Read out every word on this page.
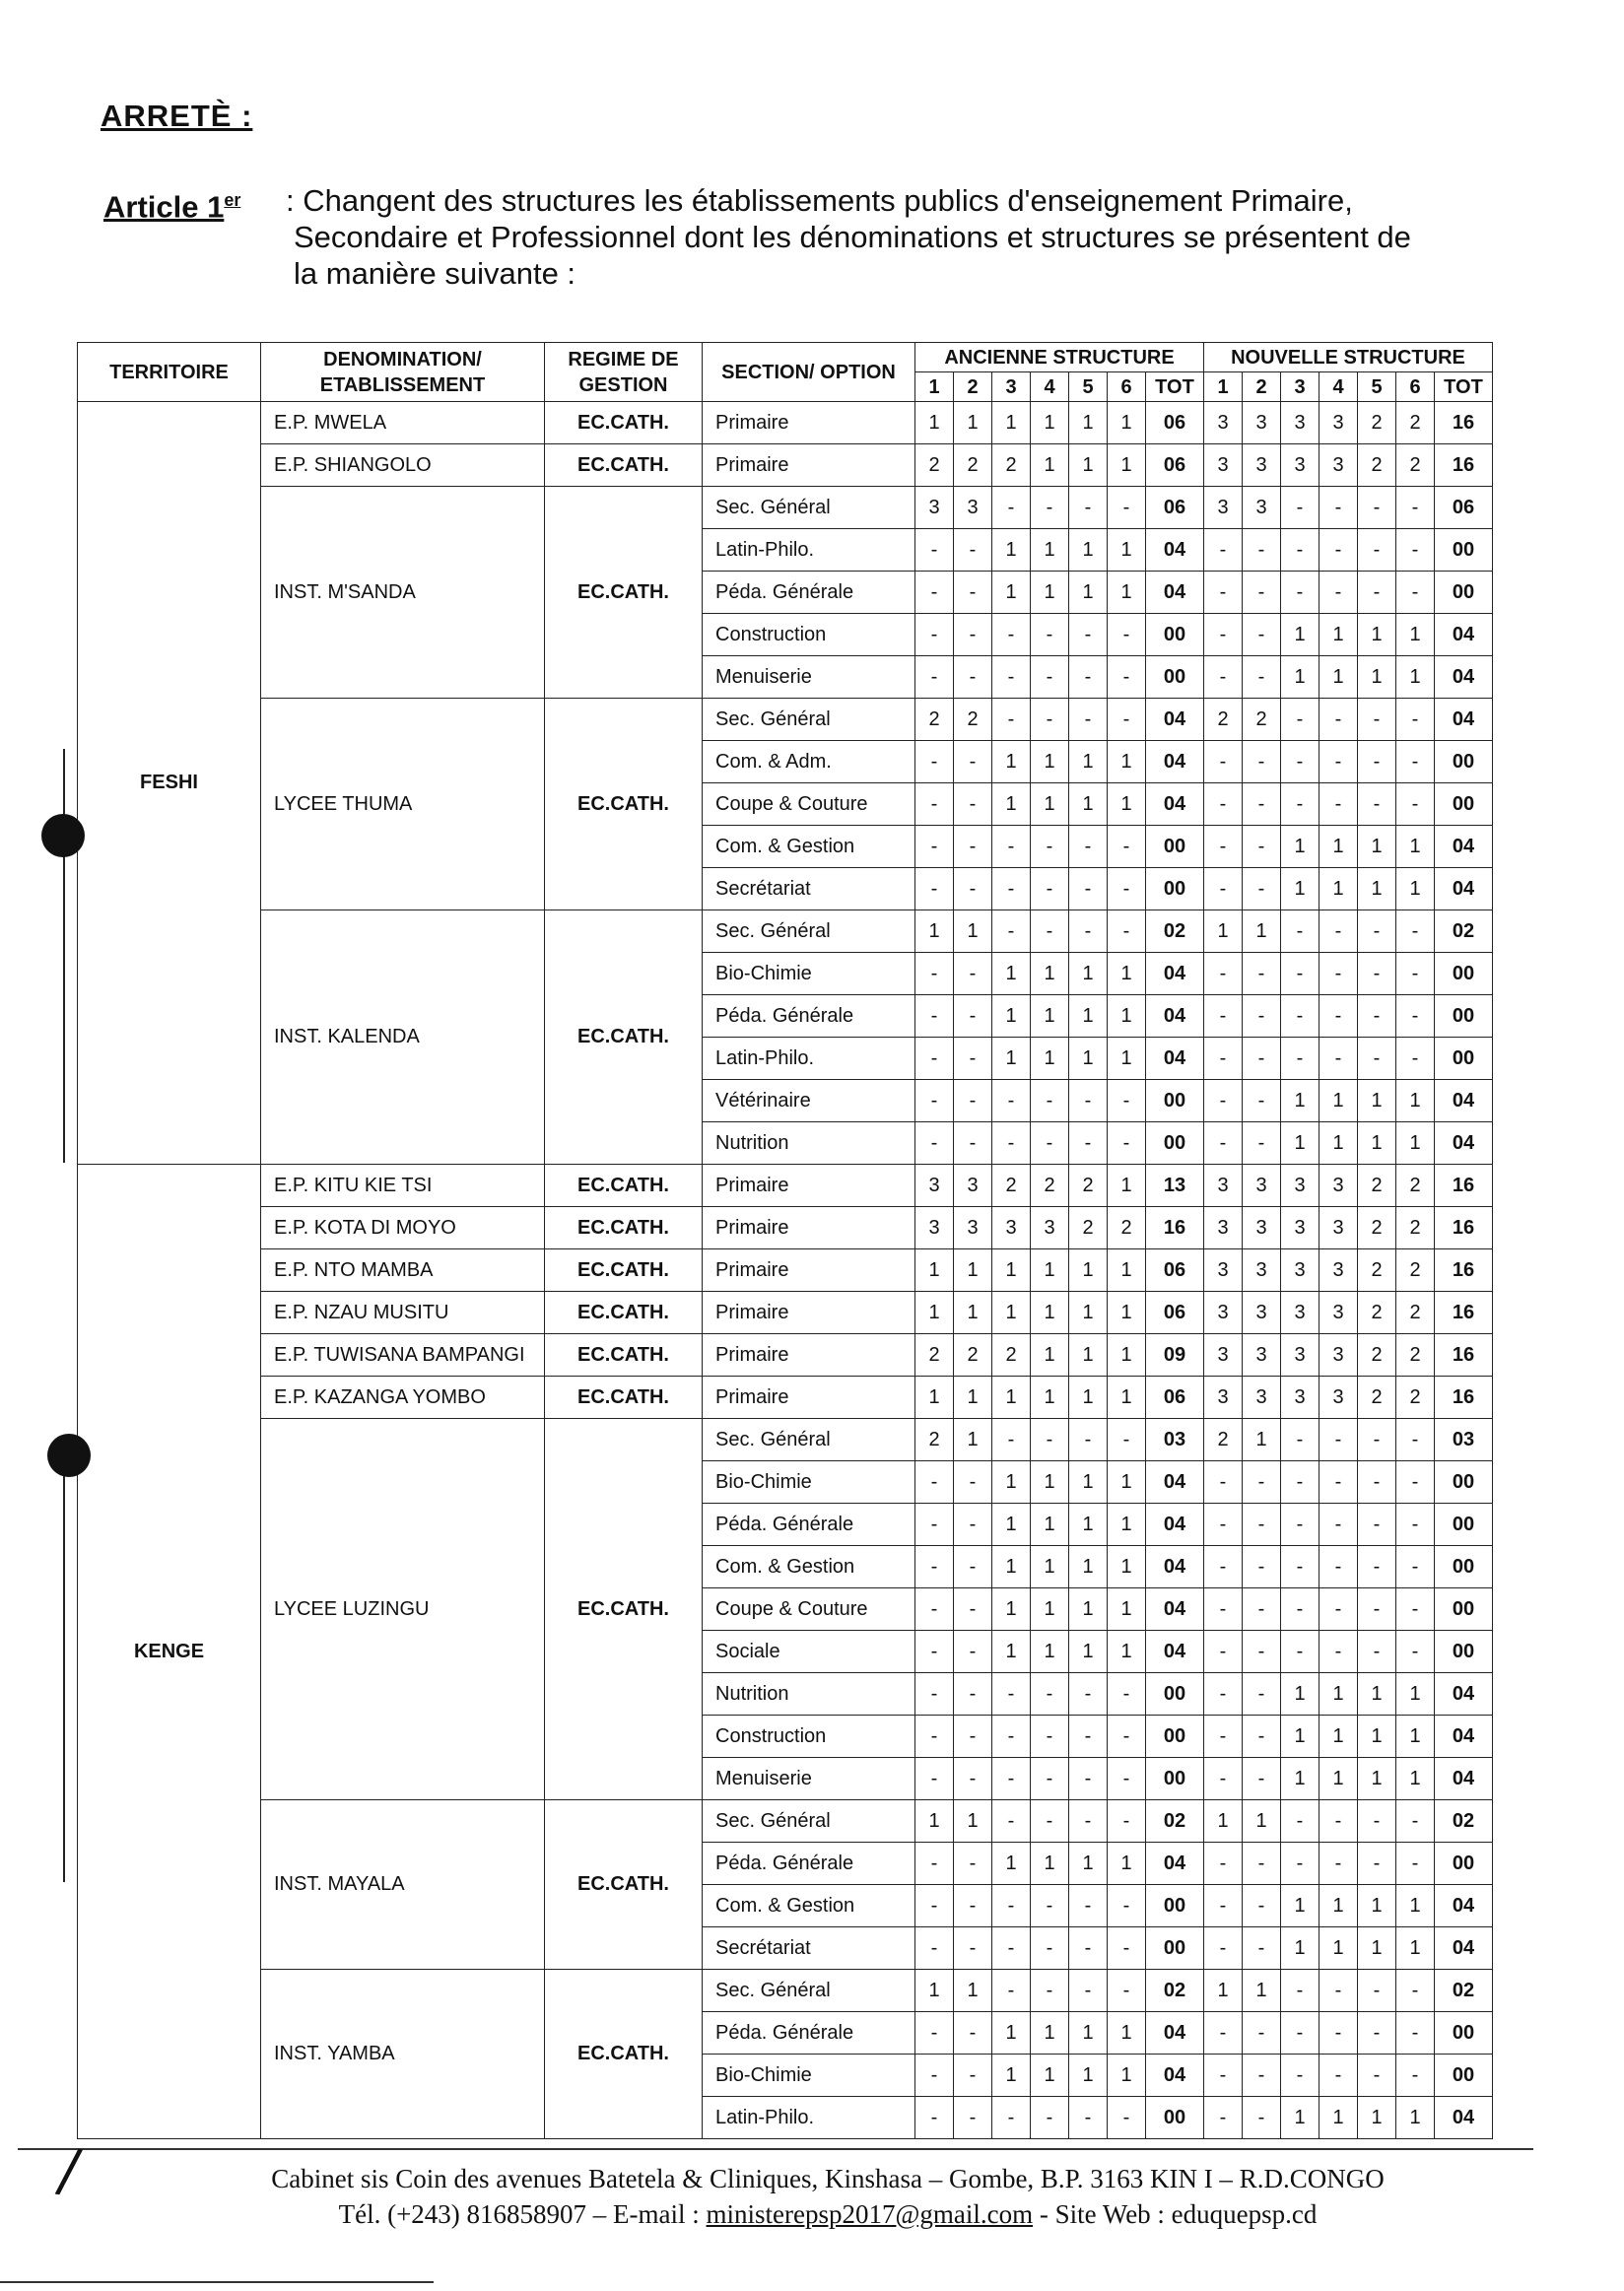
ARRETÈ :
Article 1er : Changent des structures les établissements publics d'enseignement Primaire,
Secondaire et Professionnel dont les dénominations et structures se présentent de
la manière suivante :
TERRITOIRE	DENOMINATION/ ETABLISSEMENT	REGIME DE GESTION	SECTION/ OPTION	ANCIENNE STRUCTURE							NOUVELLE STRUCTURE						
				1	2	3	4	5	6	TOT	1	2	3	4	5	6	TOT
FESHI	E.P. MWELA	EC.CATH.	Primaire	1	1	1	1	1	1	06	3	3	3	3	2	2	16
	E.P. SHIANGOLO	EC.CATH.	Primaire	2	2	2	1	1	1	06	3	3	3	3	2	2	16
	INST. M'SANDA	EC.CATH.	Sec. Général	3	3	-	-	-	-	06	3	3	-	-	-	-	06
			Latin-Philo.	-	-	1	1	1	1	04	-	-	-	-	-	-	00
			Péda. Générale	-	-	1	1	1	1	04	-	-	-	-	-	-	00
			Construction	-	-	-	-	-	-	00	-	-	1	1	1	1	04
			Menuiserie	-	-	-	-	-	-	00	-	-	1	1	1	1	04
	LYCEE THUMA	EC.CATH.	Sec. Général	2	2	-	-	-	-	04	2	2	-	-	-	-	04
			Com. & Adm.	-	-	1	1	1	1	04	-	-	-	-	-	-	00
			Coupe & Couture	-	-	1	1	1	1	04	-	-	-	-	-	-	00
			Com. & Gestion	-	-	-	-	-	-	00	-	-	1	1	1	1	04
			Secrétariat	-	-	-	-	-	-	00	-	-	1	1	1	1	04
	INST. KALENDA	EC.CATH.	Sec. Général	1	1	-	-	-	-	02	1	1	-	-	-	-	02
			Bio-Chimie	-	-	1	1	1	1	04	-	-	-	-	-	-	00
			Péda. Générale	-	-	1	1	1	1	04	-	-	-	-	-	-	00
			Latin-Philo.	-	-	1	1	1	1	04	-	-	-	-	-	-	00
			Vétérinaire	-	-	-	-	-	-	00	-	-	1	1	1	1	04
			Nutrition	-	-	-	-	-	-	00	-	-	1	1	1	1	04
KENGE	E.P. KITU KIE TSI	EC.CATH.	Primaire	3	3	2	2	2	1	13	3	3	3	3	2	2	16
	E.P. KOTA DI MOYO	EC.CATH.	Primaire	3	3	3	3	2	2	16	3	3	3	3	2	2	16
	E.P. NTO MAMBA	EC.CATH.	Primaire	1	1	1	1	1	1	06	3	3	3	3	2	2	16
	E.P. NZAU MUSITU	EC.CATH.	Primaire	1	1	1	1	1	1	06	3	3	3	3	2	2	16
	E.P. TUWISANA BAMPANGI	EC.CATH.	Primaire	2	2	2	1	1	1	09	3	3	3	3	2	2	16
	E.P. KAZANGA YOMBO	EC.CATH.	Primaire	1	1	1	1	1	1	06	3	3	3	3	2	2	16
	LYCEE LUZINGU	EC.CATH.	Sec. Général	2	1	-	-	-	-	03	2	1	-	-	-	-	03
			Bio-Chimie	-	-	1	1	1	1	04	-	-	-	-	-	-	00
			Péda. Générale	-	-	1	1	1	1	04	-	-	-	-	-	-	00
			Com. & Gestion	-	-	1	1	1	1	04	-	-	-	-	-	-	00
			Coupe & Couture	-	-	1	1	1	1	04	-	-	-	-	-	-	00
			Sociale	-	-	1	1	1	1	04	-	-	-	-	-	-	00
			Nutrition	-	-	-	-	-	-	00	-	-	1	1	1	1	04
			Construction	-	-	-	-	-	-	00	-	-	1	1	1	1	04
			Menuiserie	-	-	-	-	-	-	00	-	-	1	1	1	1	04
	INST. MAYALA	EC.CATH.	Sec. Général	1	1	-	-	-	-	02	1	1	-	-	-	-	02
			Péda. Générale	-	-	1	1	1	1	04	-	-	-	-	-	-	00
			Com. & Gestion	-	-	-	-	-	-	00	-	-	1	1	1	1	04
			Secrétariat	-	-	-	-	-	-	00	-	-	1	1	1	1	04
	INST. YAMBA	EC.CATH.	Sec. Général	1	1	-	-	-	-	02	1	1	-	-	-	-	02
			Péda. Générale	-	-	1	1	1	1	04	-	-	-	-	-	-	00
			Bio-Chimie	-	-	1	1	1	1	04	-	-	-	-	-	-	00
			Latin-Philo.	-	-	-	-	-	-	00	-	-	1	1	1	1	04
/	Cabinet sis Coin des avenues Batetela & Cliniques, Kinshasa – Gombe, B.P. 3163 KIN I – R.D.CONGO
Tél. (+243) 816858907 – E-mail : ministerepsp2017@gmail.com - Site Web : eduquepsp.cd
